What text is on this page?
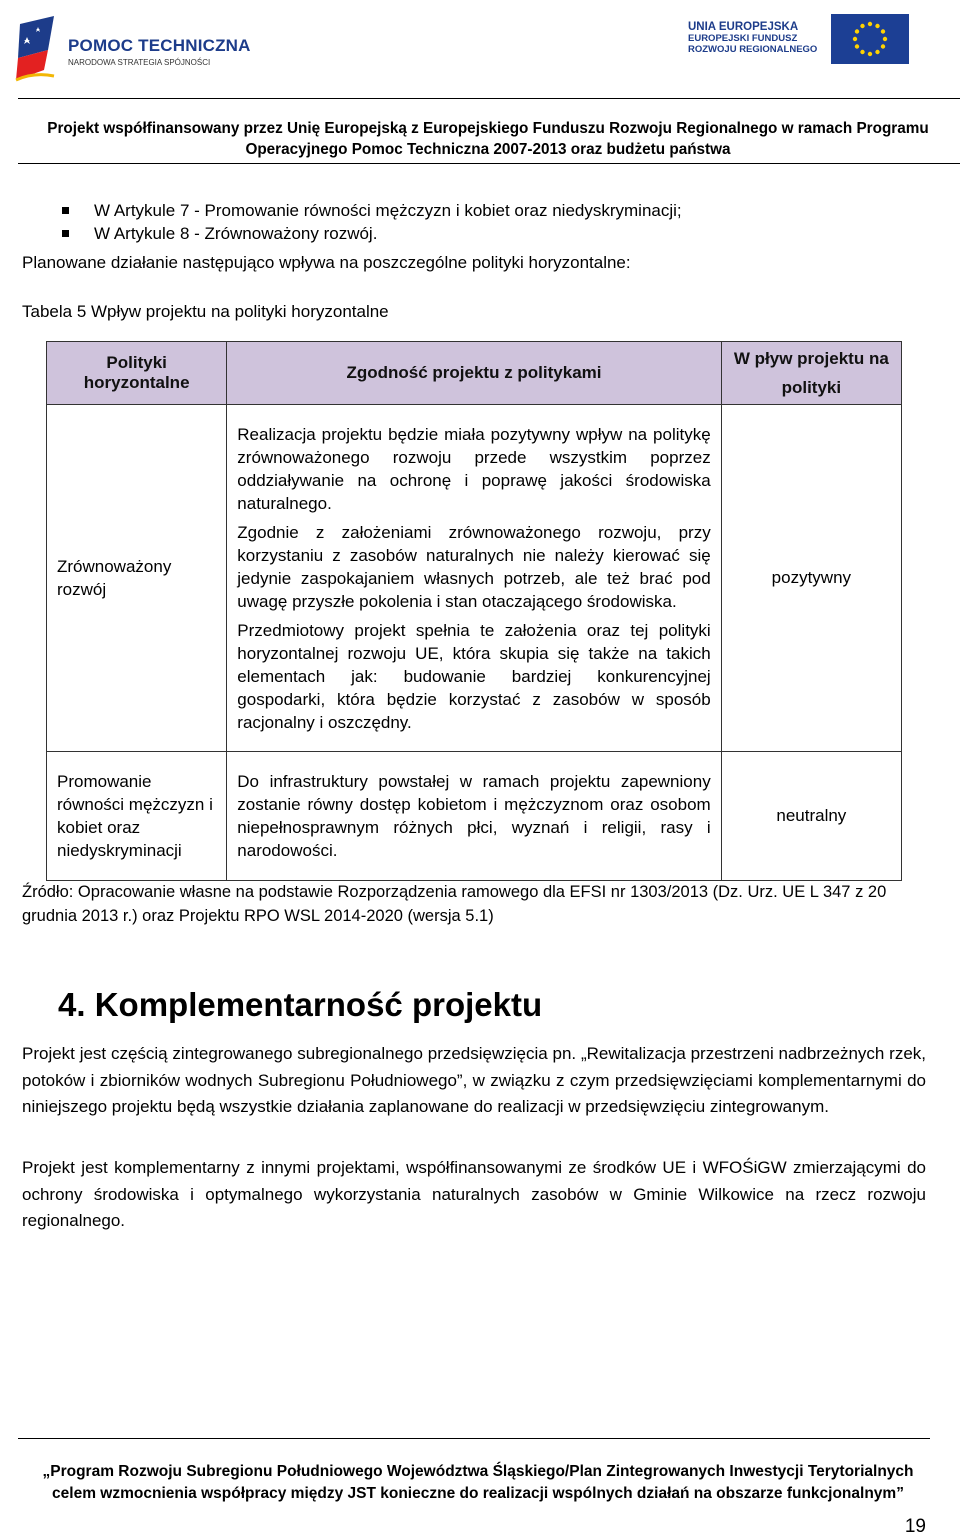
POMOC TECHNICZNA
NARODOWA STRATEGIA SPÓJNOŚCI
UNIA EUROPEJSKA
EUROPEJSKI FUNDUSZ
ROZWOJU REGIONALNEGO
Projekt współfinansowany przez Unię Europejską z Europejskiego Funduszu Rozwoju Regionalnego w ramach Programu
Operacyjnego Pomoc Techniczna 2007-2013 oraz budżetu państwa
W Artykule 7 - Promowanie równości mężczyzn i kobiet oraz niedyskryminacji;
W Artykule 8 - Zrównoważony rozwój.
Planowane działanie następująco wpływa na poszczególne polityki horyzontalne:
Tabela 5 Wpływ projektu na polityki horyzontalne
Polityki horyzontalne	Zgodność projektu z politykami	W pływ projektu na polityki
Zrównoważony rozwój	Realizacja projektu będzie miała pozytywny wpływ na politykę zrównoważonego rozwoju przede wszystkim poprzez oddziaływanie na ochronę i poprawę jakości środowiska naturalnego.

Zgodnie z założeniami zrównoważonego rozwoju, przy korzystaniu z zasobów naturalnych nie należy kierować się jedynie zaspokajaniem własnych potrzeb, ale też brać pod uwagę przyszłe pokolenia i stan otaczającego środowiska.

Przedmiotowy projekt spełnia te założenia oraz tej polityki horyzontalnej rozwoju UE, która skupia się także na takich elementach jak: budowanie bardziej konkurencyjnej gospodarki, która będzie korzystać z zasobów w sposób racjonalny i oszczędny.	pozytywny
Promowanie równości mężczyzn i kobiet oraz niedyskryminacji	Do infrastruktury powstałej w ramach projektu zapewniony zostanie równy dostęp kobietom i mężczyznom oraz osobom niepełnosprawnym różnych płci, wyznań i religii, rasy i narodowości.	neutralny
Źródło: Opracowanie własne na podstawie Rozporządzenia ramowego dla EFSI nr 1303/2013 (Dz. Urz. UE L 347 z 20 grudnia 2013 r.) oraz Projektu RPO WSL 2014-2020 (wersja 5.1)
4. Komplementarność projektu
Projekt jest częścią zintegrowanego subregionalnego przedsięwzięcia pn. „Rewitalizacja przestrzeni nadbrzeżnych rzek, potoków i zbiorników wodnych Subregionu Południowego”, w związku z czym przedsięwzięciami komplementarnymi do niniejszego projektu będą wszystkie działania zaplanowane do realizacji w przedsięwzięciu zintegrowanym.
Projekt jest komplementarny z innymi projektami, współfinansowanymi ze środków UE i WFOŚiGW zmierzającymi do ochrony środowiska i optymalnego wykorzystania naturalnych zasobów w Gminie Wilkowice na rzecz rozwoju regionalnego.
„Program Rozwoju Subregionu Południowego Województwa Śląskiego/Plan Zintegrowanych Inwestycji Terytorialnych
celem wzmocnienia współpracy między JST konieczne do realizacji wspólnych działań na obszarze funkcjonalnym”
19
